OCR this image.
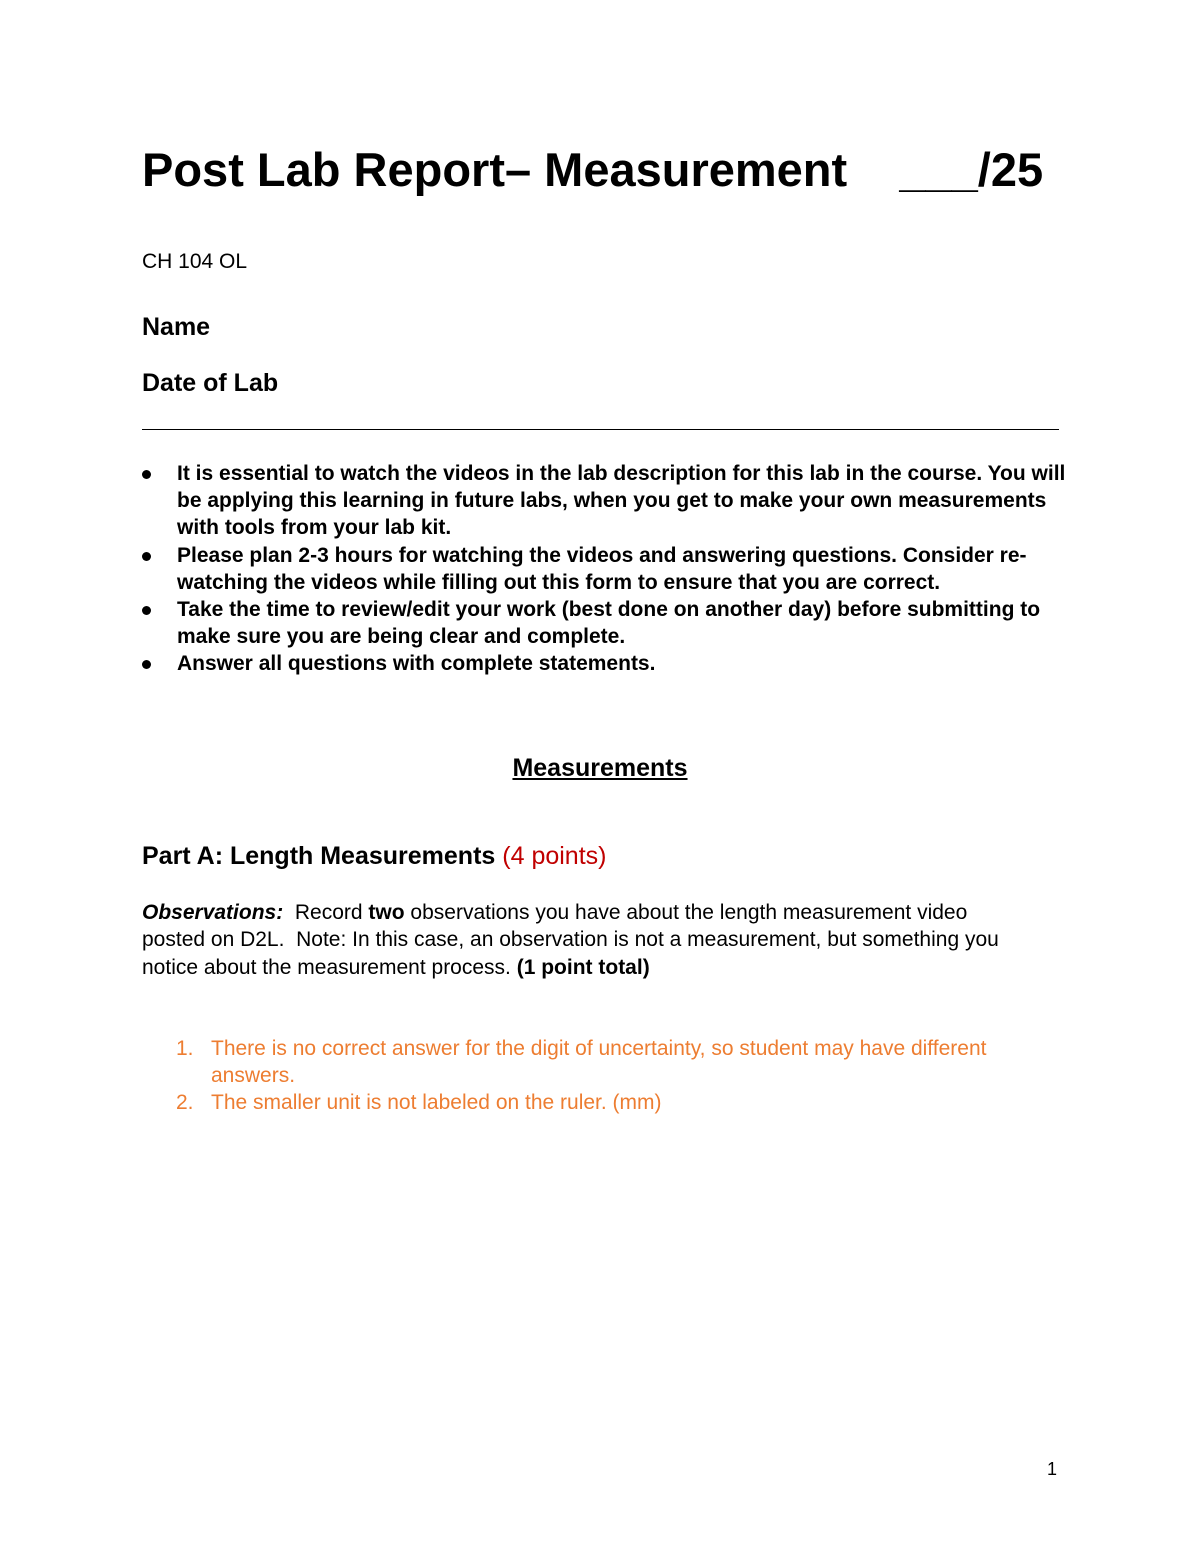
Post Lab Report– Measurement    ___/25
CH 104 OL
Name
Date of Lab
It is essential to watch the videos in the lab description for this lab in the course. You will be applying this learning in future labs, when you get to make your own measurements with tools from your lab kit.
Please plan 2-3 hours for watching the videos and answering questions. Consider re-watching the videos while filling out this form to ensure that you are correct.
Take the time to review/edit your work (best done on another day) before submitting to make sure you are being clear and complete.
Answer all questions with complete statements.
Measurements
Part A: Length Measurements (4 points)
Observations:  Record two observations you have about the length measurement video posted on D2L.  Note: In this case, an observation is not a measurement, but something you notice about the measurement process. (1 point total)
1. There is no correct answer for the digit of uncertainty, so student may have different answers.
2. The smaller unit is not labeled on the ruler. (mm)
1
